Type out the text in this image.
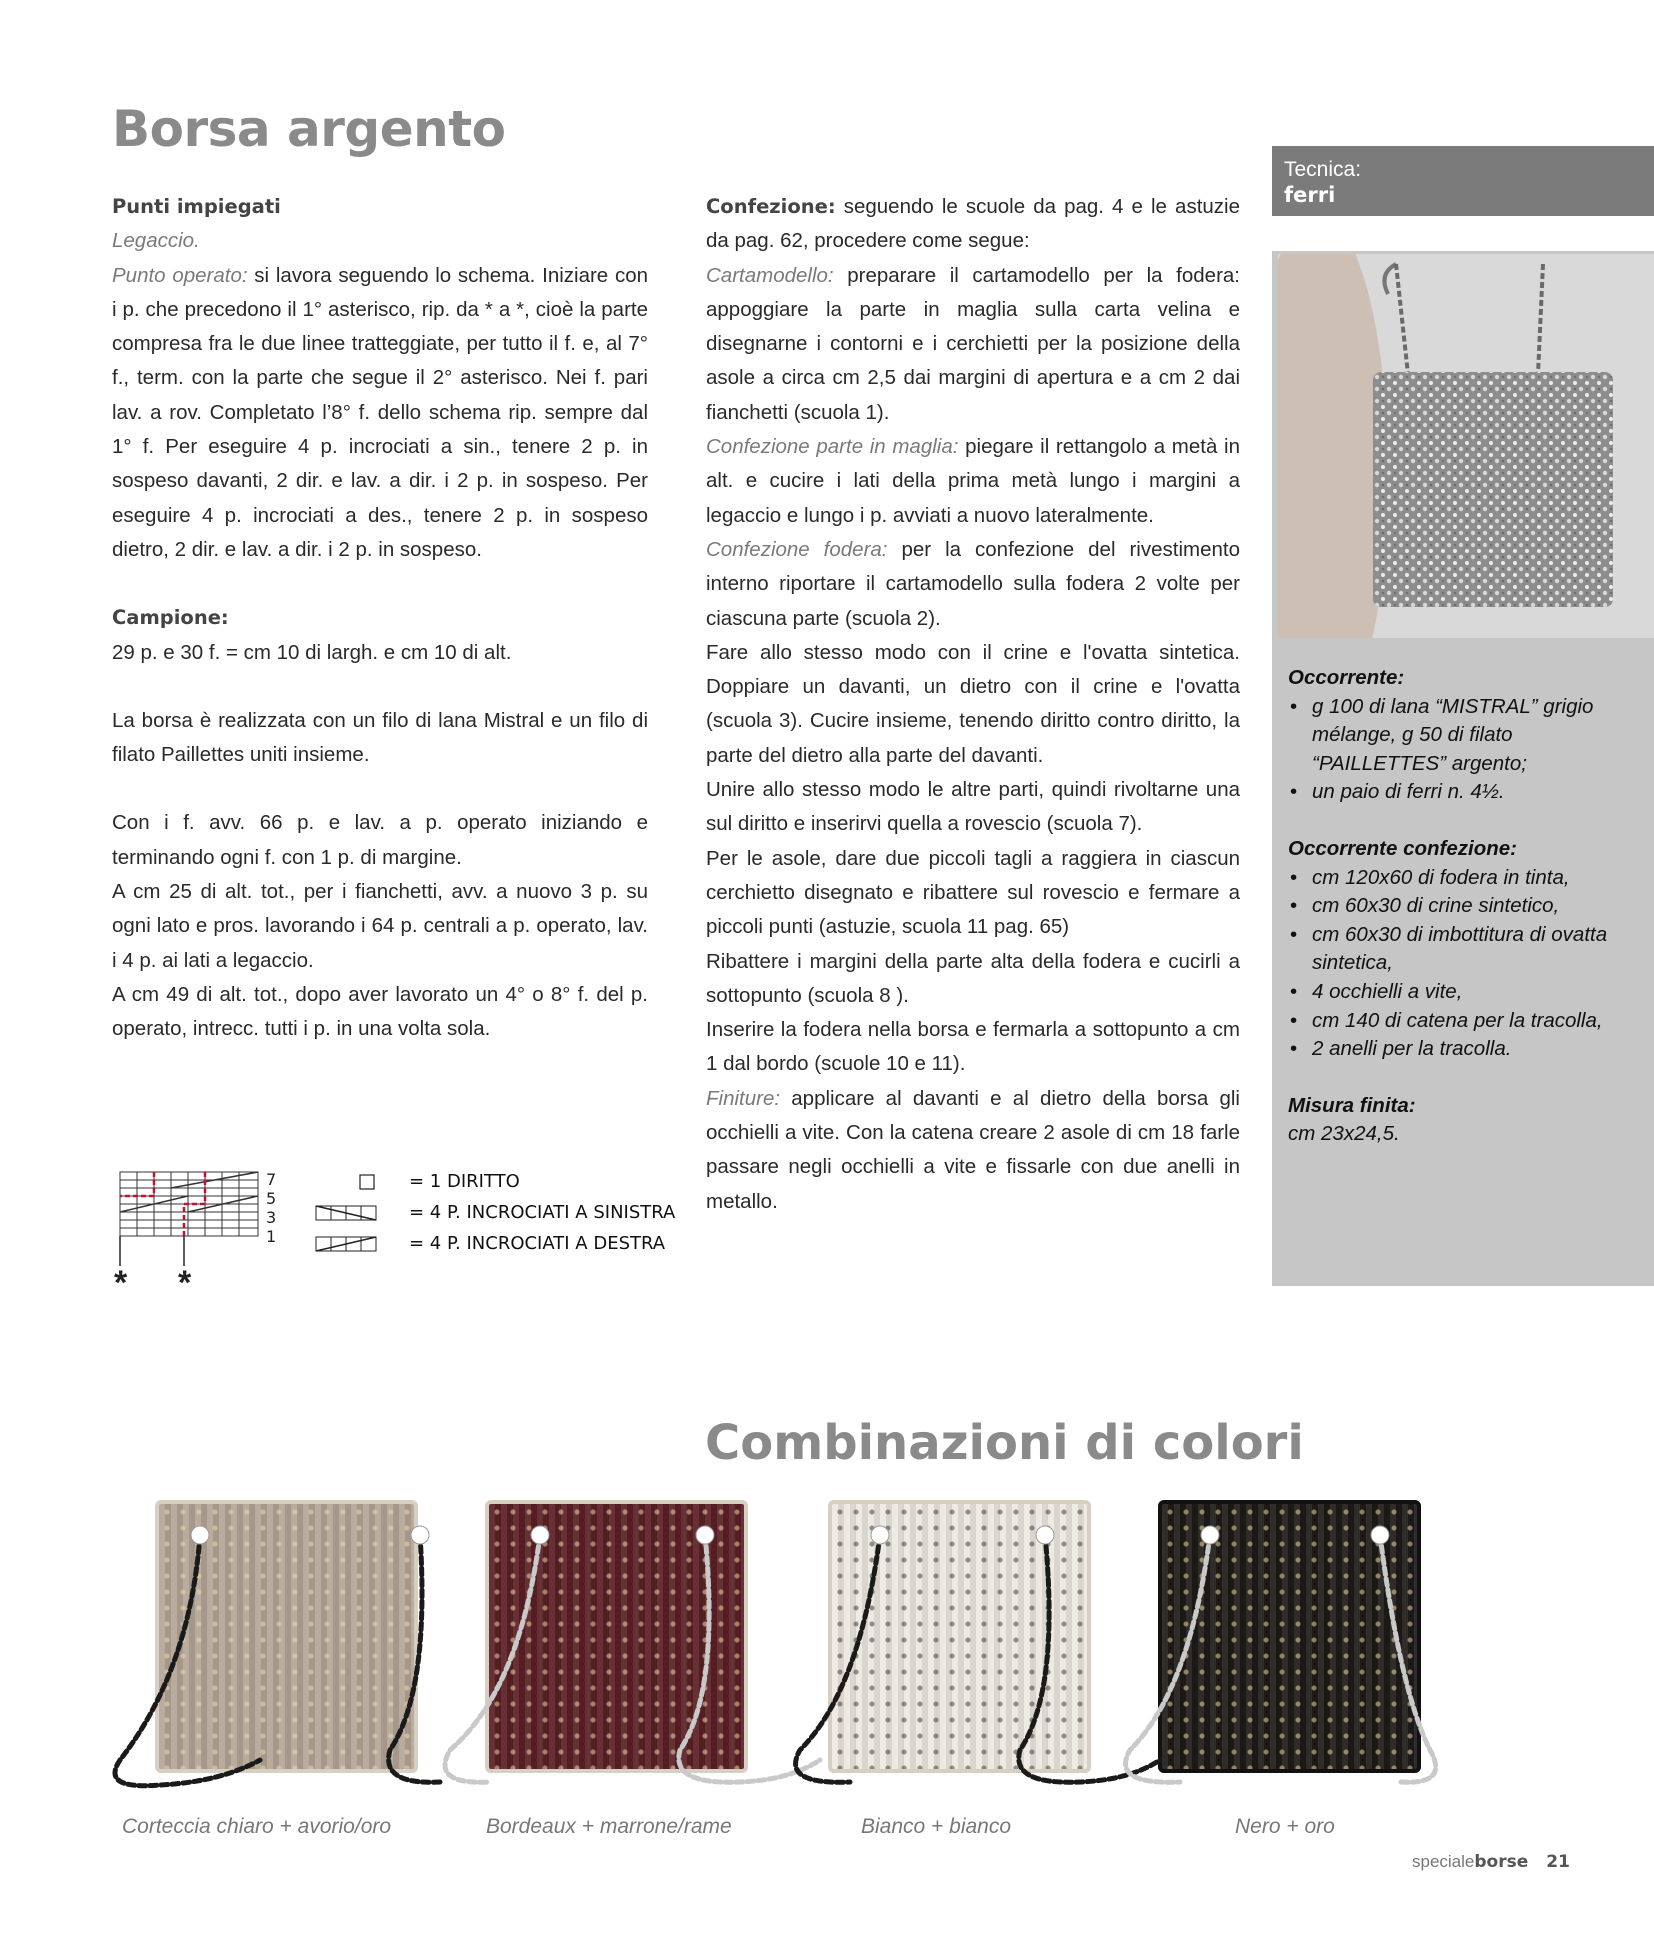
Borsa argento

Punti impiegati

Legaccio.

Punto operato: si lavora seguendo lo schema. Iniziare con i p. che precedono il 1° asterisco, rip. da * a *, cioè la parte compresa fra le due linee tratteggiate, per tutto il f. e, al 7° f., term. con la parte che segue il 2° asterisco. Nei f. pari lav. a rov. Completato l’8° f. dello schema rip. sempre dal 1° f. Per eseguire 4 p. incrociati a sin., tenere 2 p. in sospeso davanti, 2 dir. e lav. a dir. i 2 p. in sospeso. Per eseguire 4 p. incrociati a des., tenere 2 p. in sospeso dietro, 2 dir. e lav. a dir. i 2 p. in sospeso.

Campione:

29 p. e 30 f. = cm 10 di largh. e cm 10 di alt.

La borsa è realizzata con un filo di lana Mistral e un filo di filato Paillettes uniti insieme.

Con i f. avv. 66 p. e lav. a p. operato iniziando e terminando ogni f. con 1 p. di margine.

A cm 25 di alt. tot., per i fianchetti, avv. a nuovo 3 p. su ogni lato e pros. lavorando i 64 p. centrali a p. operato, lav. i 4 p. ai lati a legaccio.

A cm 49 di alt. tot., dopo aver lavorato un 4° o 8° f. del p. operato, intrecc. tutti i p. in una volta sola.

* *
7
5
3
1
= 1 DIRITTO
= 4 P. INCROCIATI A SINISTRA
= 4 P. INCROCIATI A DESTRA

Confezione: seguendo le scuole da pag. 4 e le astuzie da pag. 62, procedere come segue:

Cartamodello: preparare il cartamodello per la fodera: appoggiare la parte in maglia sulla carta velina e disegnarne i contorni e i cerchietti per la posizione della asole a circa cm 2,5 dai margini di apertura e a cm 2 dai fianchetti (scuola 1).

Confezione parte in maglia: piegare il rettangolo a metà in alt. e cucire i lati della prima metà lungo i margini a legaccio e lungo i p. avviati a nuovo lateralmente.

Confezione fodera: per la confezione del rivestimento interno riportare il cartamodello sulla fodera 2 volte per ciascuna parte (scuola 2).

Fare allo stesso modo con il crine e l'ovatta sintetica. Doppiare un davanti, un dietro con il crine e l'ovatta (scuola 3). Cucire insieme, tenendo diritto contro diritto, la parte del dietro alla parte del davanti.

Unire allo stesso modo le altre parti, quindi rivoltarne una sul diritto e inserirvi quella a rovescio (scuola 7).

Per le asole, dare due piccoli tagli a raggiera in ciascun cerchietto disegnato e ribattere sul rovescio e fermare a piccoli punti (astuzie, scuola 11 pag. 65)

Ribattere i margini della parte alta della fodera e cucirli a sottopunto (scuola 8 ).

Inserire la fodera nella borsa e fermarla a sottopunto a cm 1 dal bordo (scuole 10 e 11).

Finiture: applicare al davanti e al dietro della borsa gli occhielli a vite. Con la catena creare 2 asole di cm 18 farle passare negli occhielli a vite e fissarle con due anelli in metallo.

Tecnica:
ferri
Occorrente:
• g 100 di lana “MISTRAL” grigio mélange, g 50 di filato “PAILLETTES” argento;
• un paio di ferri n. 4½.
Occorrente confezione:
• cm 120x60 di fodera in tinta,
• cm 60x30 di crine sintetico,
• cm 60x30 di imbottitura di ovatta sintetica,
• 4 occhielli a vite,
• cm 140 di catena per la tracolla,
• 2 anelli per la tracolla.
Misura finita:
cm 23x24,5.
Combinazioni di colori
Corteccia chiaro + avorio/oro	Bordeaux + marrone/rame	Bianco + bianco	Nero + oro
specialeborse 21
